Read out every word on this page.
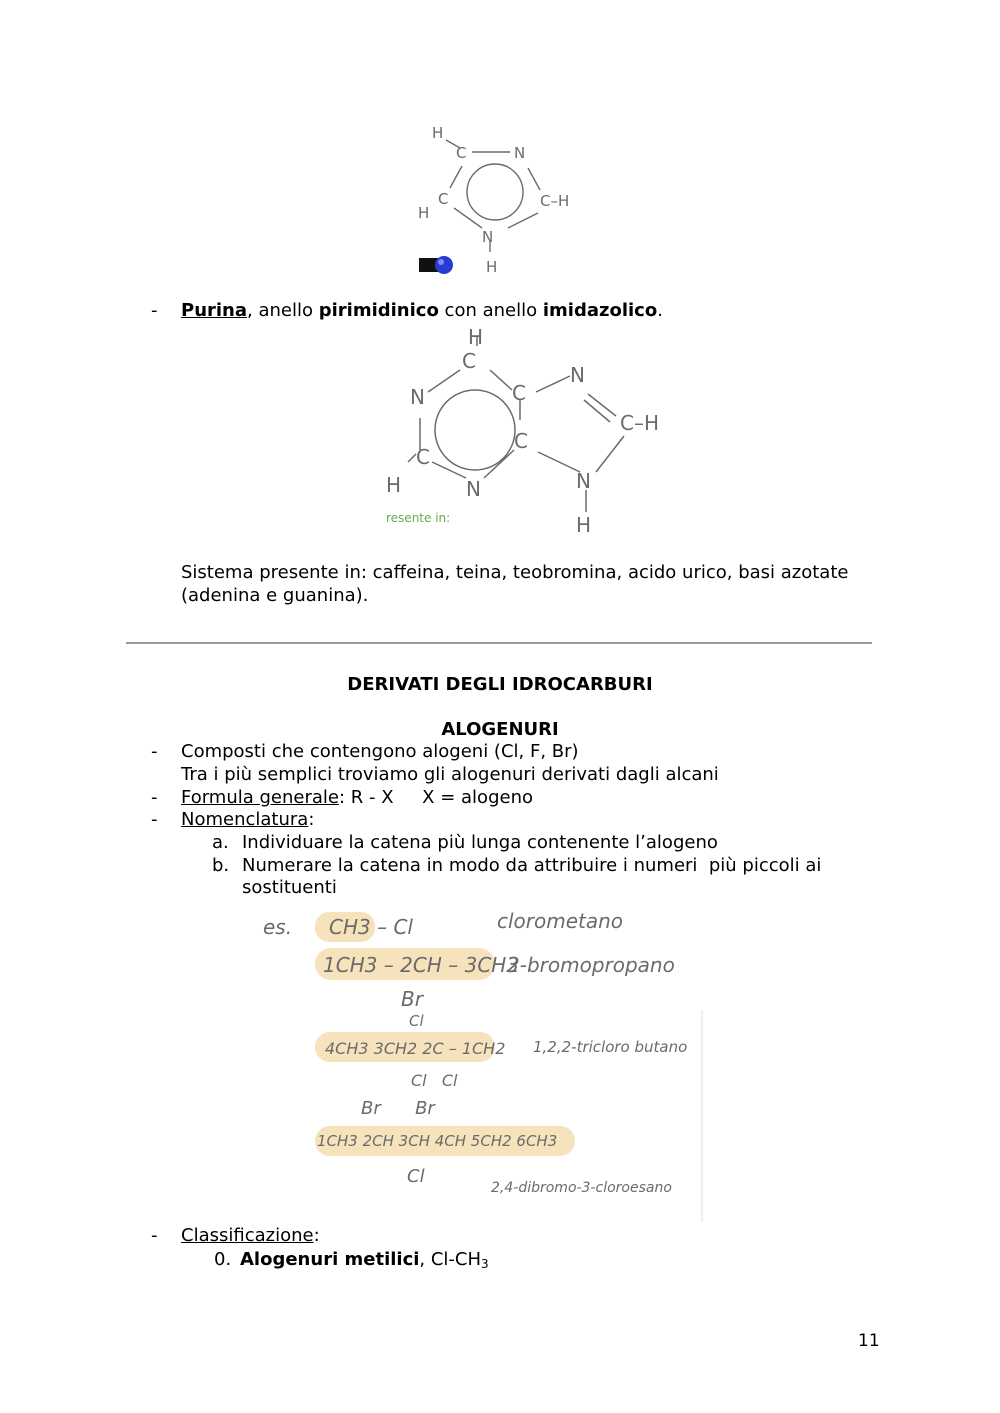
H
C	N
C–H
H
C
N
H
- Purina, anello pirimidinico con anello imidazolico.
H
C
N	C
N
C
C
C–H
H	N	N
H
resente in:
Sistema presente in: caffeina, teina, teobromina, acido urico, basi azotate
(adenina e guanina).
DERIVATI DEGLI IDROCARBURI
ALOGENURI
- Composti che contengono alogeni (Cl, F, Br)
Tra i più semplici troviamo gli alogenuri derivati dagli alcani
- Formula generale: R - X     X = alogeno
- Nomenclatura:
a. Individuare la catena più lunga contenente l’alogeno
b. Numerare la catena in modo da attribuire i numeri  più piccoli ai
sostituenti
es. CH3 – Cl	clorometano
1CH3 – 2CH – 3CH3
2-bromopropano
Br
Cl
4CH3 3CH2 2C – 1CH2
Cl   Cl
1,2,2-tricloro butano
Br      Br
1CH3 2CH 3CH 4CH 5CH2 6CH3
Cl
2,4-dibromo-3-cloroesano
- Classificazione:
0. Alogenuri metilici, $Cl-CH_3$
11
